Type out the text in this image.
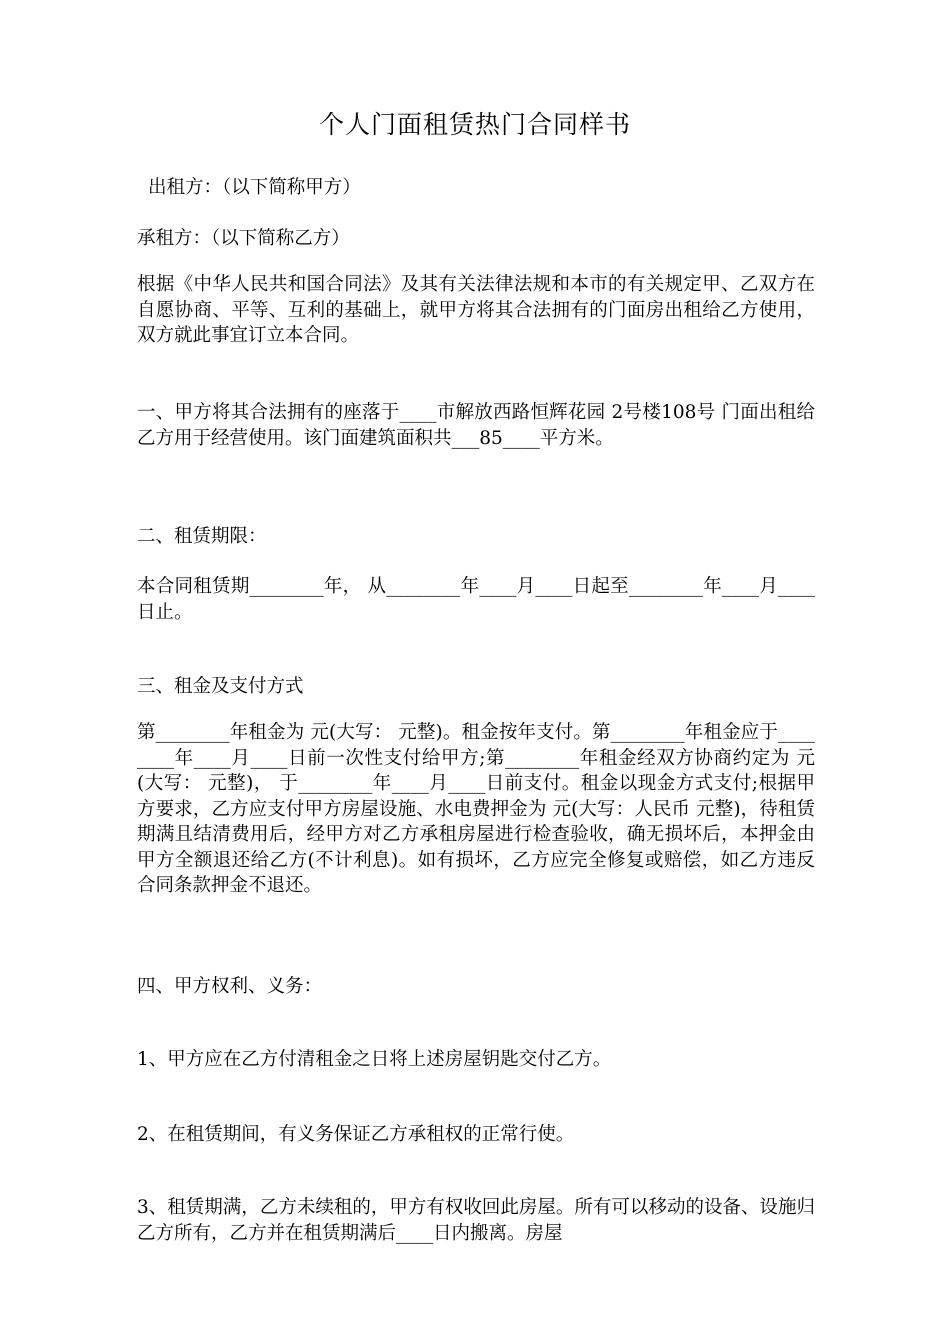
个人门面租赁热门合同样书

出租方：（以下简称甲方）

承租方：（以下简称乙方）

根据《中华人民共和国合同法》及其有关法律法规和本市的有关规定甲、乙双方在自愿协商、平等、互利的基础上，就甲方将其合法拥有的门面房出租给乙方使用，双方就此事宜订立本合同。

一、甲方将其合法拥有的座落于____市解放西路恒辉花园 2号楼108号 门面出租给乙方用于经营使用。该门面建筑面积共___85____平方米。

二、租赁期限：

本合同租赁期________年， 从________年____月____日起至________年____月____日止。

三、租金及支付方式

第________年租金为 元(大写： 元整)。租金按年支付。第________年租金应于________年____月____日前一次性支付给甲方;第________年租金经双方协商约定为 元(大写： 元整)， 于________年____月____日前支付。租金以现金方式支付;根据甲方要求，乙方应支付甲方房屋设施、水电费押金为 元(大写：人民币 元整)，待租赁期满且结清费用后，经甲方对乙方承租房屋进行检查验收，确无损坏后，本押金由甲方全额退还给乙方(不计利息)。如有损坏，乙方应完全修复或赔偿，如乙方违反合同条款押金不退还。

四、甲方权利、义务：

1、甲方应在乙方付清租金之日将上述房屋钥匙交付乙方。

2、在租赁期间，有义务保证乙方承租权的正常行使。

3、租赁期满，乙方未续租的，甲方有权收回此房屋。所有可以移动的设备、设施归乙方所有，乙方并在租赁期满后____日内搬离。房屋
